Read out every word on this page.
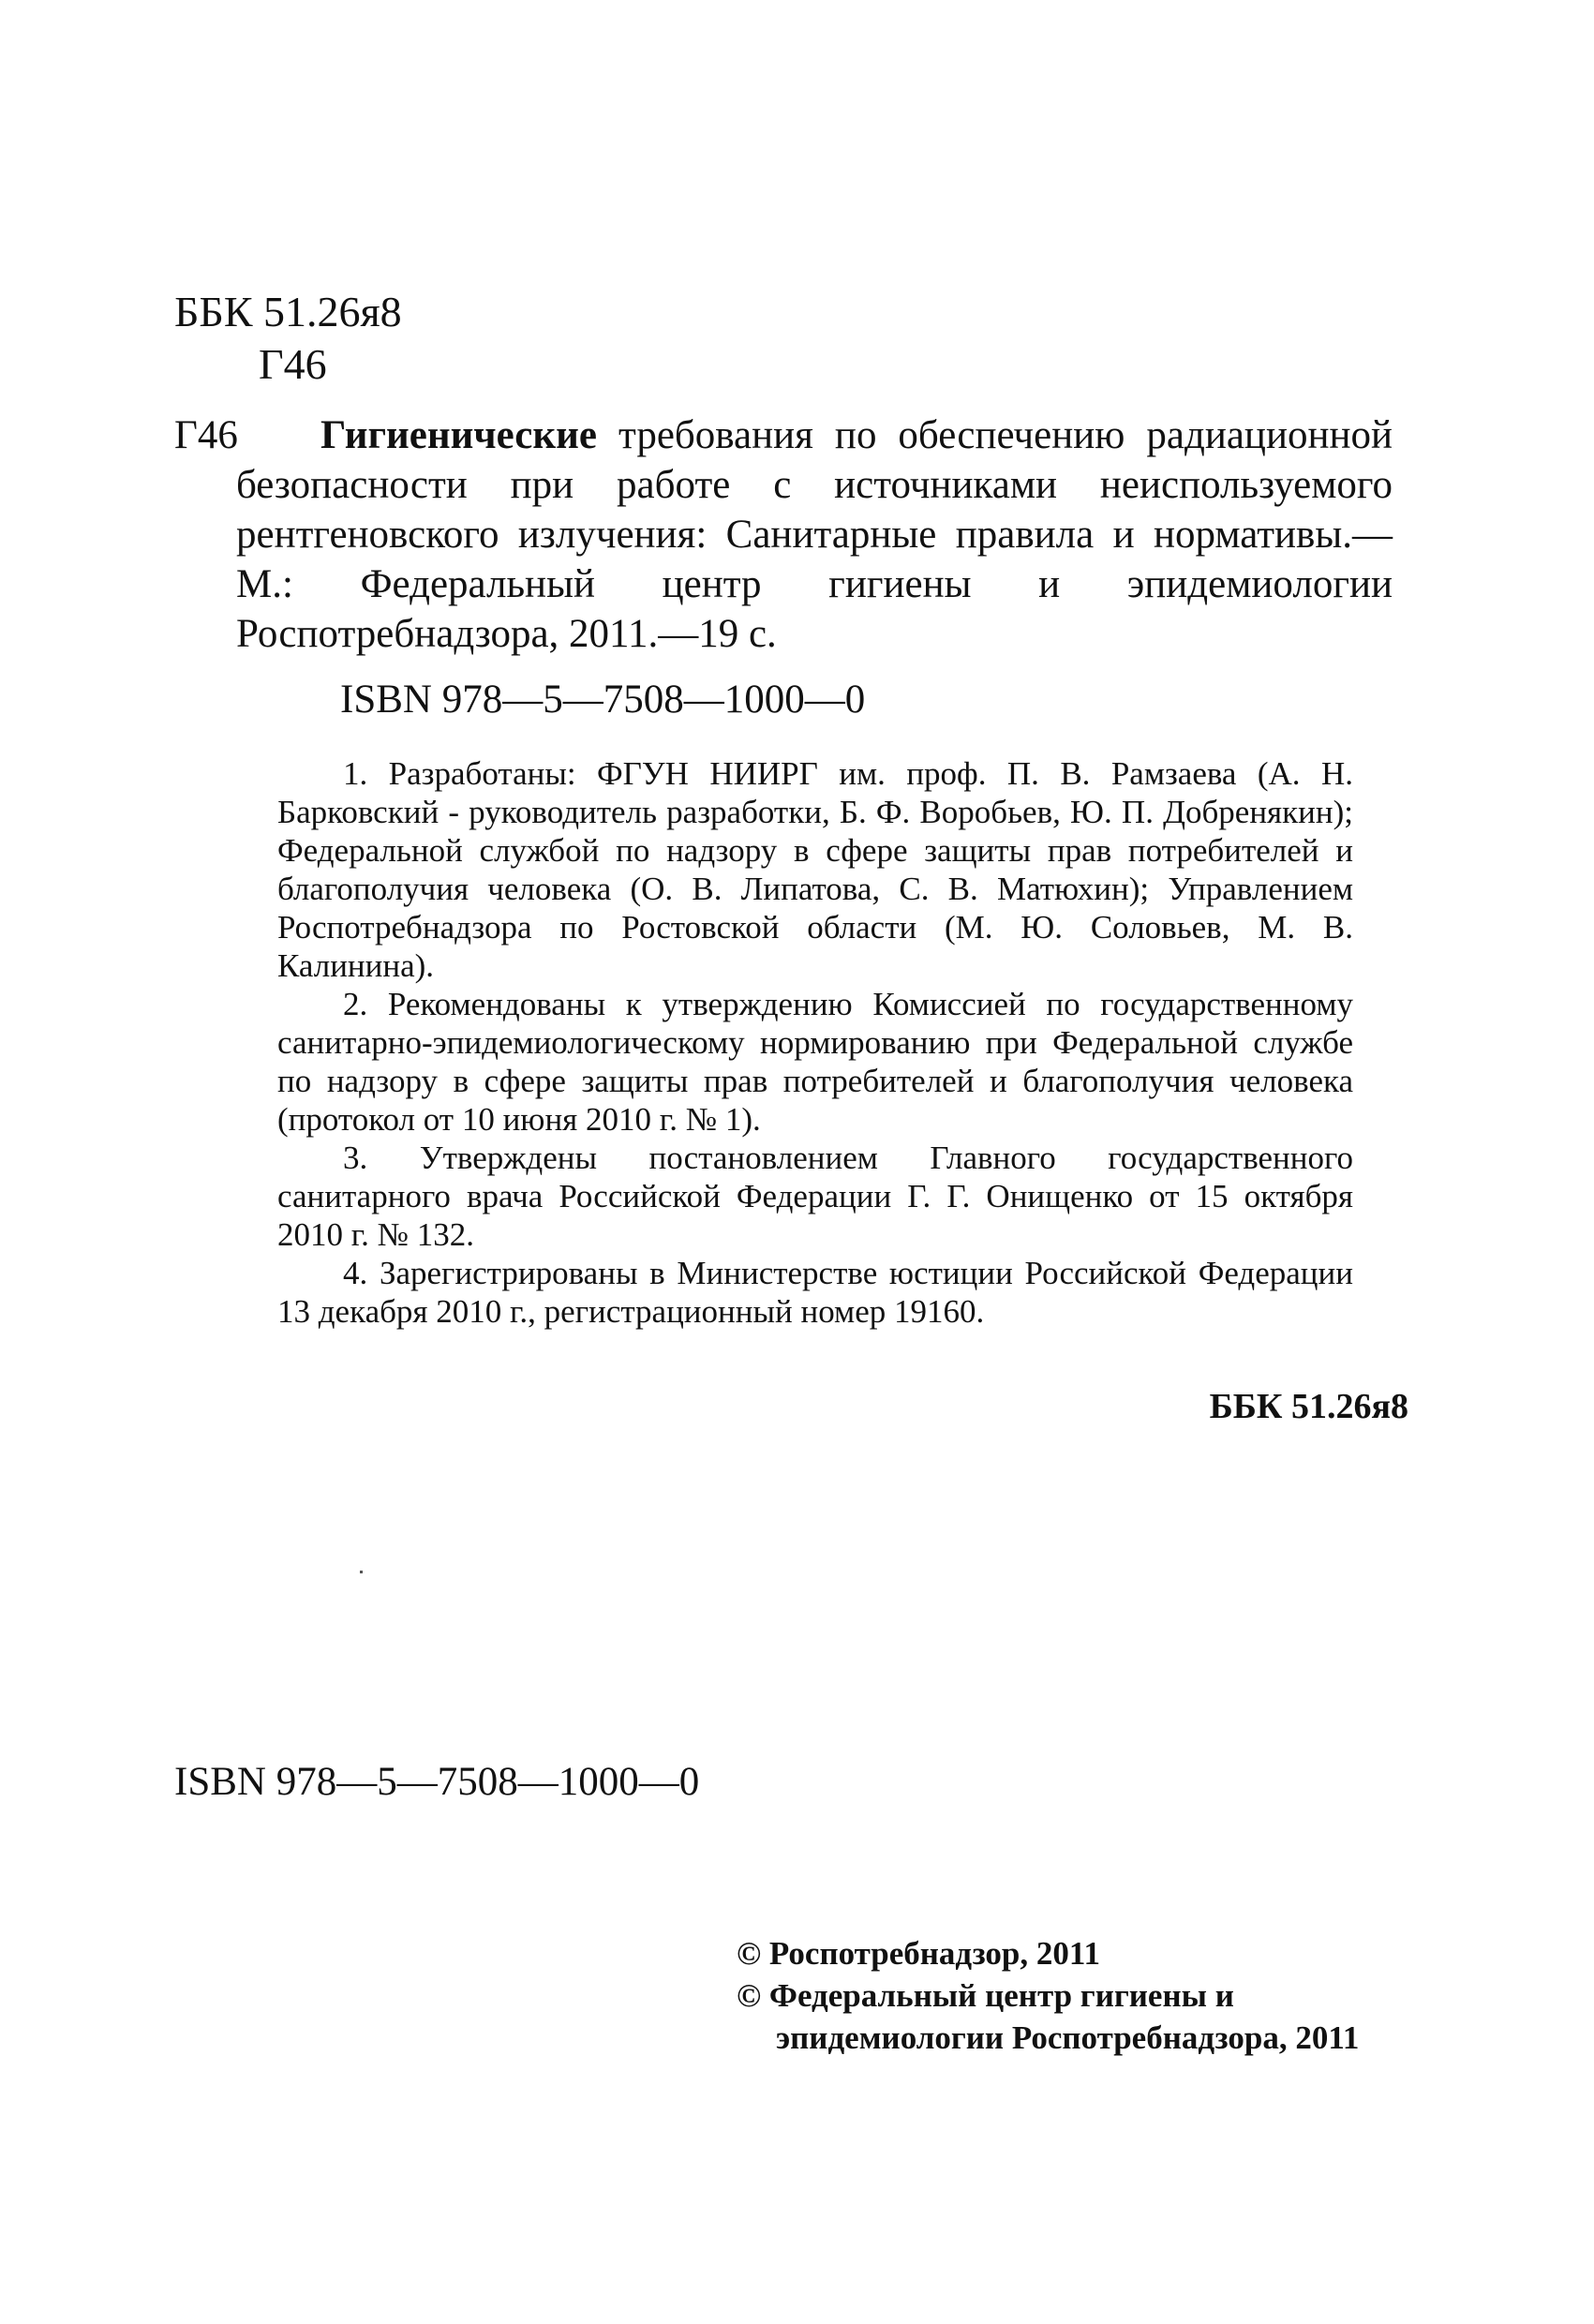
ББК 51.26я8
Г46
Г46	Гигиенические требования по обеспечению радиационной безопасности при работе с источниками неиспользуемого рентгеновского излучения: Санитарные правила и нормативы.—М.: Федеральный центр гигиены и эпидемиологии Роспотребнадзора, 2011.—19 с.
ISBN 978—5—7508—1000—0

1. Разработаны: ФГУН НИИРГ им. проф. П. В. Рамзаева (А. Н. Барковский - руководитель разработки, Б. Ф. Воробьев, Ю. П. Добренякин); Федеральной службой по надзору в сфере защиты прав потребителей и благополучия человека (О. В. Липатова, С. В. Матюхин); Управлением Роспотребнадзора по Ростовской области (М. Ю. Соловьев, М. В. Калинина).

2. Рекомендованы к утверждению Комиссией по государственному санитарно-эпидемиологическому нормированию при Федеральной службе по надзору в сфере защиты прав потребителей и благополучия человека (протокол от 10 июня 2010 г. № 1).

3. Утверждены постановлением Главного государственного санитарного врача Российской Федерации Г. Г. Онищенко от 15 октября 2010 г. № 132.

4. Зарегистрированы в Министерстве юстиции Российской Федерации 13 декабря 2010 г., регистрационный номер 19160.

ББК 51.26я8
ISBN 978—5—7508—1000—0
© Роспотребнадзор, 2011
© Федеральный центр гигиены и
эпидемиологии Роспотребнадзора, 2011
